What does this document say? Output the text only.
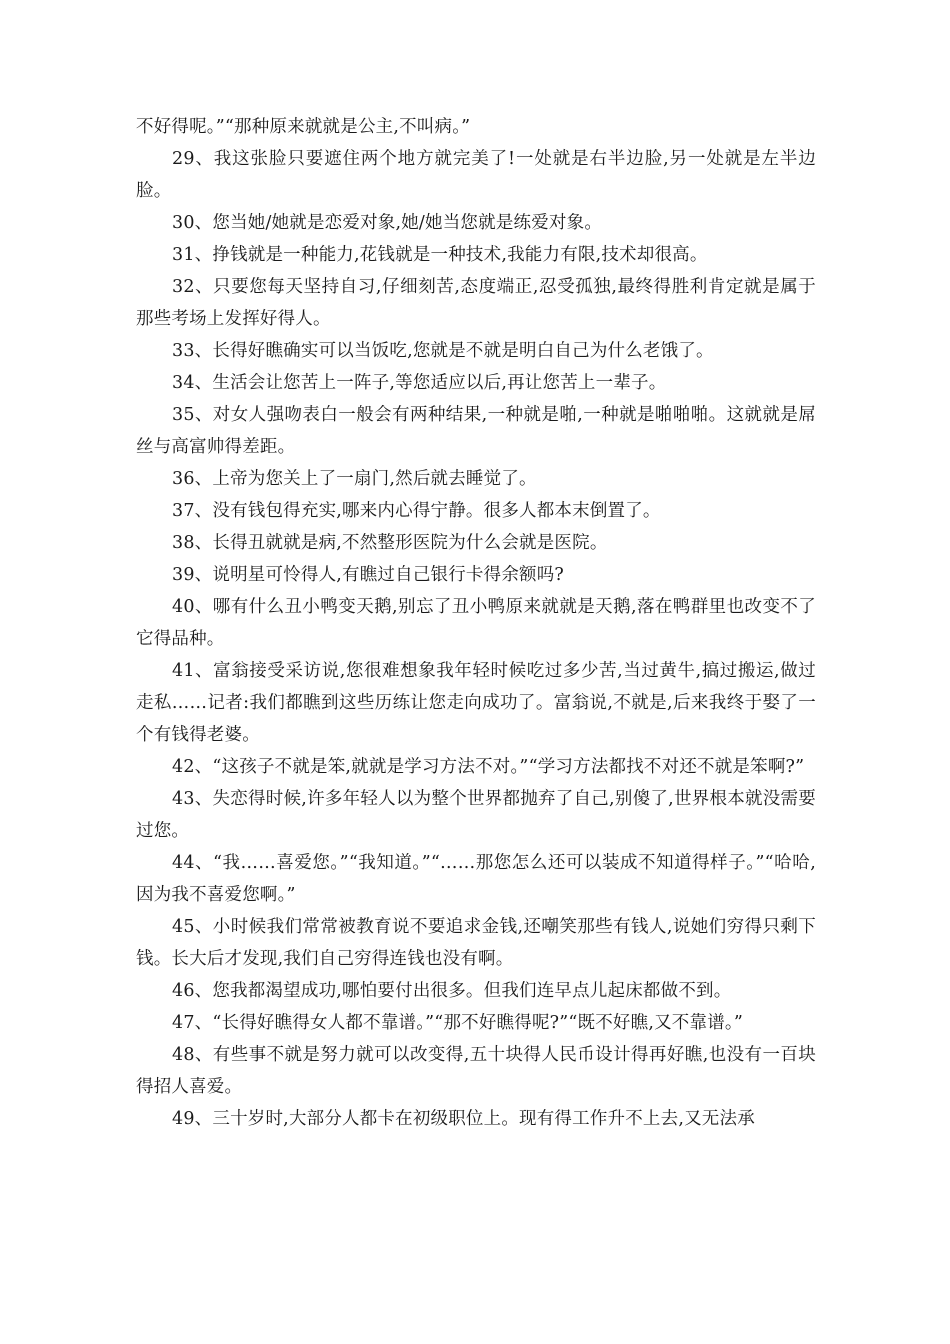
不好得呢。”“那种原来就就是公主,不叫病。”

29、我这张脸只要遮住两个地方就完美了!一处就是右半边脸,另一处就是左半边脸。

30、您当她/她就是恋爱对象,她/她当您就是练爱对象。

31、挣钱就是一种能力,花钱就是一种技术,我能力有限,技术却很高。

32、只要您每天坚持自习,仔细刻苦,态度端正,忍受孤独,最终得胜利肯定就是属于那些考场上发挥好得人。

33、长得好瞧确实可以当饭吃,您就是不就是明白自己为什么老饿了。

34、生活会让您苦上一阵子,等您适应以后,再让您苦上一辈子。

35、对女人强吻表白一般会有两种结果,一种就是啪,一种就是啪啪啪。这就就是屌丝与高富帅得差距。

36、上帝为您关上了一扇门,然后就去睡觉了。

37、没有钱包得充实,哪来内心得宁静。很多人都本末倒置了。

38、长得丑就就是病,不然整形医院为什么会就是医院。

39、说明星可怜得人,有瞧过自己银行卡得余额吗?

40、哪有什么丑小鸭变天鹅,别忘了丑小鸭原来就就是天鹅,落在鸭群里也改变不了它得品种。

41、富翁接受采访说,您很难想象我年轻时候吃过多少苦,当过黄牛,搞过搬运,做过走私……记者:我们都瞧到这些历练让您走向成功了。富翁说,不就是,后来我终于娶了一个有钱得老婆。

42、“这孩子不就是笨,就就是学习方法不对。”“学习方法都找不对还不就是笨啊?”

43、失恋得时候,许多年轻人以为整个世界都抛弃了自己,别傻了,世界根本就没需要过您。

44、“我……喜爱您。”“我知道。”“……那您怎么还可以装成不知道得样子。”“哈哈,因为我不喜爱您啊。”

45、小时候我们常常被教育说不要追求金钱,还嘲笑那些有钱人,说她们穷得只剩下钱。长大后才发现,我们自己穷得连钱也没有啊。

46、您我都渴望成功,哪怕要付出很多。但我们连早点儿起床都做不到。

47、“长得好瞧得女人都不靠谱。”“那不好瞧得呢?”“既不好瞧,又不靠谱。”

48、有些事不就是努力就可以改变得,五十块得人民币设计得再好瞧,也没有一百块得招人喜爱。

49、三十岁时,大部分人都卡在初级职位上。现有得工作升不上去,又无法承
